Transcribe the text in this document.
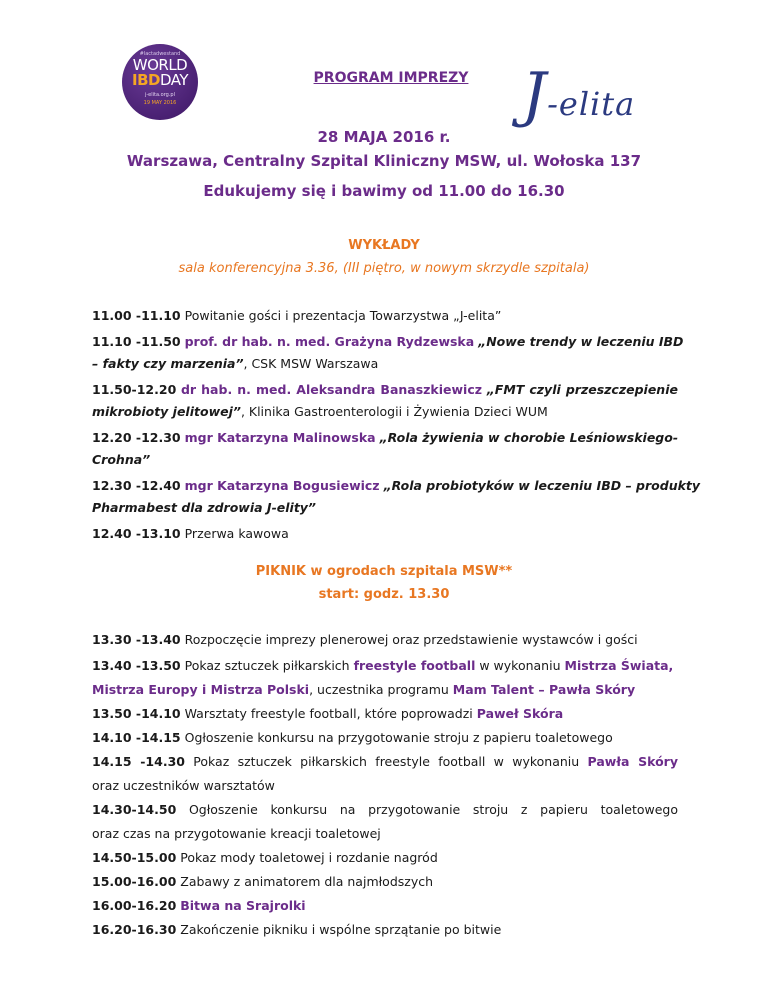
#lactadwestand
WORLD
IBDDAY
j-elita.org.pl
19 MAY 2016	J-elita
PROGRAM IMPREZY
28 MAJA 2016 r.
Warszawa, Centralny Szpital Kliniczny MSW, ul. Wołoska 137
Edukujemy się i bawimy od 11.00 do 16.30
WYKŁADY
sala konferencyjna 3.36, (III piętro, w nowym skrzydle szpitala)
11.00 -11.10 Powitanie gości i prezentacja Towarzystwa „J-elita”
11.10 -11.50 prof. dr hab. n. med. Grażyna Rydzewska „Nowe trendy w leczeniu IBD
– fakty czy marzenia”, CSK MSW Warszawa
11.50-12.20 dr hab. n. med. Aleksandra Banaszkiewicz „FMT czyli przeszczepienie
mikrobioty jelitowej”, Klinika Gastroenterologii i Żywienia Dzieci WUM
12.20 -12.30 mgr Katarzyna Malinowska „Rola żywienia w chorobie Leśniowskiego-
Crohna”
12.30 -12.40 mgr Katarzyna Bogusiewicz „Rola probiotyków w leczeniu IBD – produkty
Pharmabest dla zdrowia J-elity”
12.40 -13.10 Przerwa kawowa
PIKNIK w ogrodach szpitala MSW**
start: godz. 13.30
13.30 -13.40 Rozpoczęcie imprezy plenerowej oraz przedstawienie wystawców i gości
13.40 -13.50 Pokaz sztuczek piłkarskich freestyle football w wykonaniu Mistrza Świata,
Mistrza Europy i Mistrza Polski, uczestnika programu Mam Talent – Pawła Skóry
13.50 -14.10 Warsztaty freestyle football, które poprowadzi Paweł Skóra
14.10 -14.15 Ogłoszenie konkursu na przygotowanie stroju z papieru toaletowego
14.15 -14.30 Pokaz sztuczek piłkarskich freestyle football w wykonaniu Pawła Skóry
oraz uczestników warsztatów
14.30-14.50 Ogłoszenie konkursu na przygotowanie stroju z papieru toaletowego
oraz czas na przygotowanie kreacji toaletowej
14.50-15.00 Pokaz mody toaletowej i rozdanie nagród
15.00-16.00 Zabawy z animatorem dla najmłodszych
16.00-16.20 Bitwa na Srajrolki
16.20-16.30 Zakończenie pikniku i wspólne sprzątanie po bitwie
